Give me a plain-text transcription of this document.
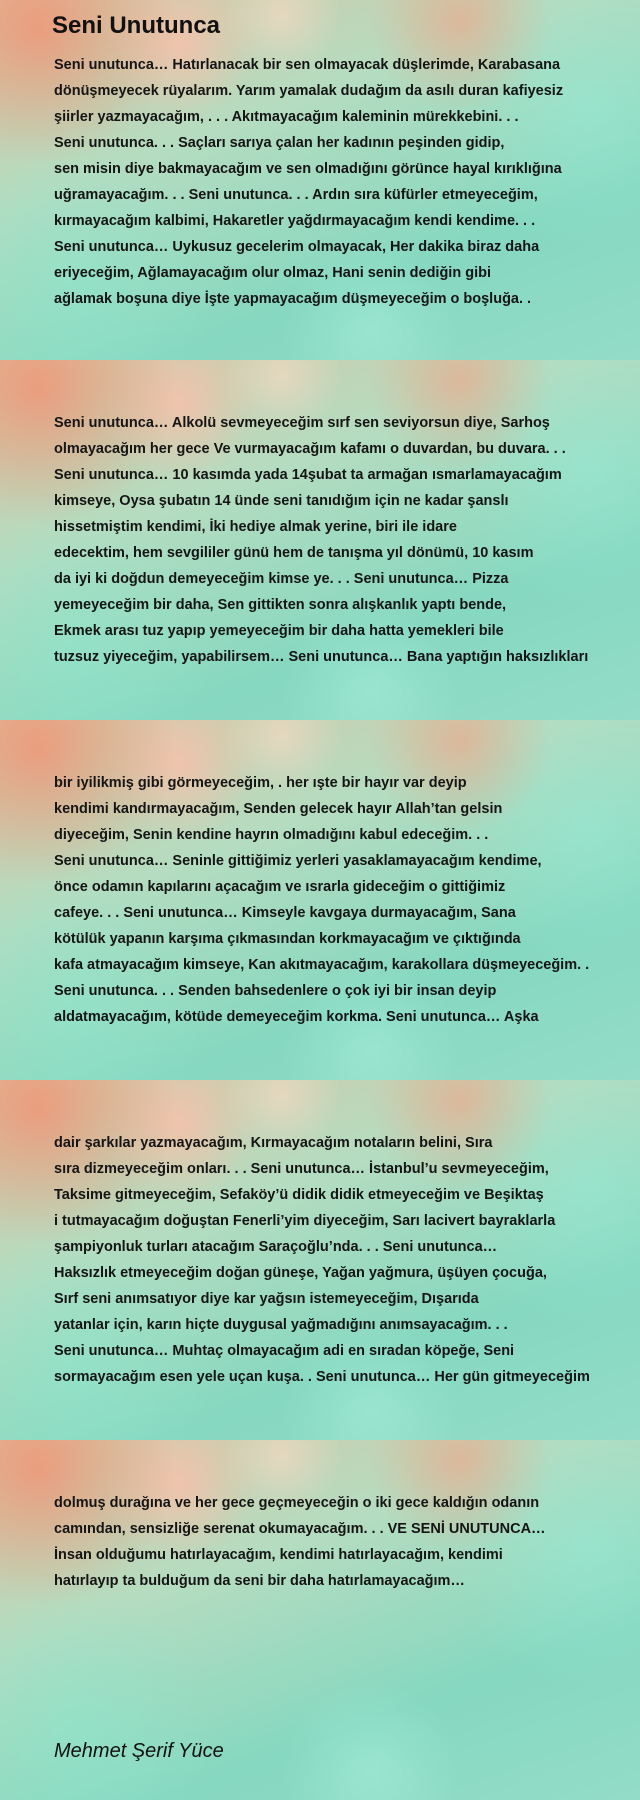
Seni Unutunca
Seni unutunca… Hatırlanacak bir sen olmayacak düşlerimde, Karabasana
dönüşmeyecek rüyalarım. Yarım yamalak dudağım da asılı duran kafiyesiz
şiirler yazmayacağım, . . . Akıtmayacağım kaleminin mürekkebini. . .
Seni unutunca. . . Saçları sarıya çalan her kadının peşinden gidip,
sen misin diye bakmayacağım ve sen olmadığını görünce hayal kırıklığına
uğramayacağım. . . Seni unutunca. . . Ardın sıra küfürler etmeyeceğim,
kırmayacağım kalbimi, Hakaretler yağdırmayacağım kendi kendime. . .
Seni unutunca… Uykusuz gecelerim olmayacak, Her dakika biraz daha
eriyeceğim, Ağlamayacağım olur olmaz, Hani senin dediğin gibi
ağlamak boşuna diye İşte yapmayacağım düşmeyeceğim o boşluğa. .
Seni unutunca… Alkolü sevmeyeceğim sırf sen seviyorsun diye, Sarhoş
olmayacağım her gece Ve vurmayacağım kafamı o duvardan, bu duvara. . .
Seni unutunca… 10 kasımda yada 14şubat ta armağan ısmarlamayacağım
kimseye, Oysa şubatın 14 ünde seni tanıdığım için ne kadar şanslı
hissetmiştim kendimi, İki hediye almak yerine, biri ile idare
edecektim, hem sevgililer günü hem de tanışma yıl dönümü, 10 kasım
da iyi ki doğdun demeyeceğim kimse ye. . . Seni unutunca… Pizza
yemeyeceğim bir daha, Sen gittikten sonra alışkanlık yaptı bende,
Ekmek arası tuz yapıp yemeyeceğim bir daha hatta yemekleri bile
tuzsuz yiyeceğim, yapabilirsem… Seni unutunca… Bana yaptığın haksızlıkları
bir iyilikmiş gibi görmeyeceğim, . her ışte bir hayır var deyip
kendimi kandırmayacağım, Senden gelecek hayır Allah’tan gelsin
diyeceğim, Senin kendine hayrın olmadığını kabul edeceğim. . .
Seni unutunca… Seninle gittiğimiz yerleri yasaklamayacağım kendime,
önce odamın kapılarını açacağım ve ısrarla gideceğim o gittiğimiz
cafeye. . . Seni unutunca… Kimseyle kavgaya durmayacağım, Sana
kötülük yapanın karşıma çıkmasından korkmayacağım ve çıktığında
kafa atmayacağım kimseye, Kan akıtmayacağım, karakollara düşmeyeceğim. .
Seni unutunca. . . Senden bahsedenlere o çok iyi bir insan deyip
aldatmayacağım, kötüde demeyeceğim korkma. Seni unutunca… Aşka
dair şarkılar yazmayacağım, Kırmayacağım notaların belini, Sıra
sıra dizmeyeceğim onları. . . Seni unutunca… İstanbul’u sevmeyeceğim,
Taksime gitmeyeceğim, Sefaköy’ü didik didik etmeyeceğim ve Beşiktaş
i tutmayacağım doğuştan Fenerli’yim diyeceğim, Sarı lacivert bayraklarla
şampiyonluk turları atacağım Saraçoğlu’nda. . . Seni unutunca…
Haksızlık etmeyeceğim doğan güneşe, Yağan yağmura, üşüyen çocuğa,
Sırf seni anımsatıyor diye kar yağsın istemeyeceğim, Dışarıda
yatanlar için, karın hiçte duygusal yağmadığını anımsayacağım. . .
Seni unutunca… Muhtaç olmayacağım adi en sıradan köpeğe, Seni
sormayacağım esen yele uçan kuşa. . Seni unutunca… Her gün gitmeyeceğim
dolmuş durağına ve her gece geçmeyeceğin o iki gece kaldığın odanın
camından, sensizliğe serenat okumayacağım. . . VE SENİ UNUTUNCA…
İnsan olduğumu hatırlayacağım, kendimi hatırlayacağım, kendimi
hatırlayıp ta bulduğum da seni bir daha hatırlamayacağım…
Mehmet Şerif Yüce
